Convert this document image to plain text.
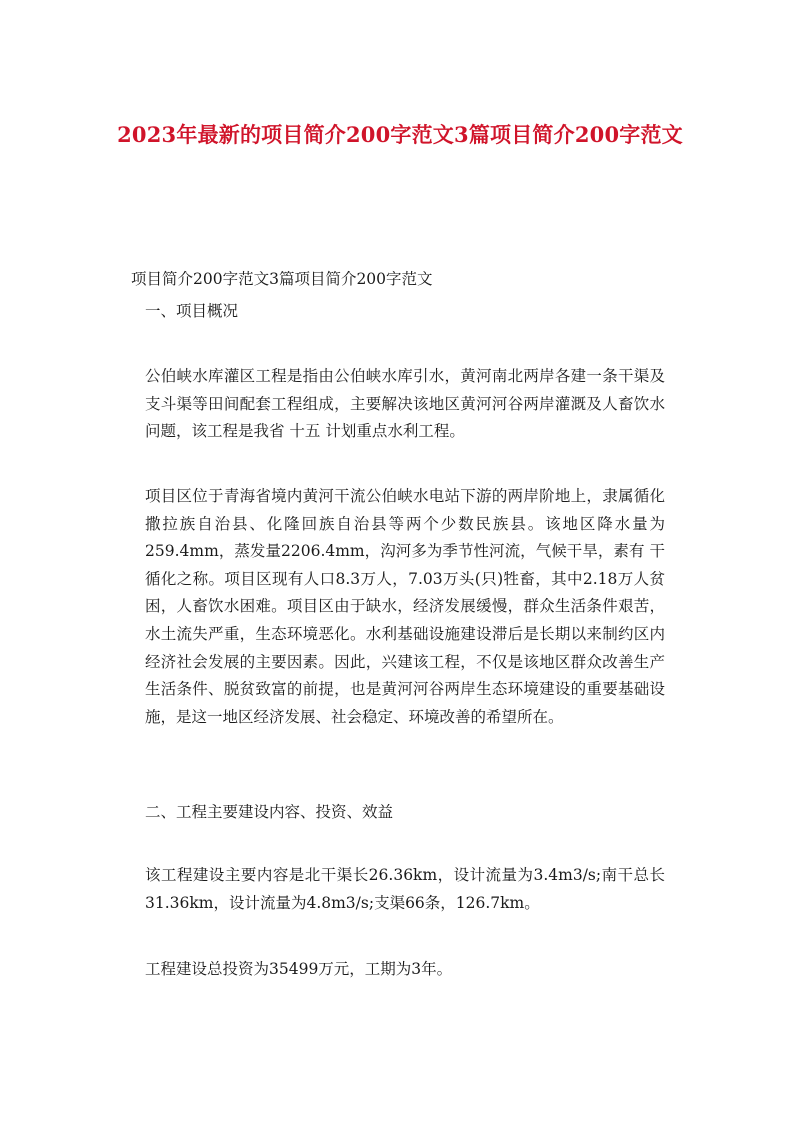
2023年最新的项目简介200字范文3篇项目简介200字范文

项目简介200字范文3篇项目简介200字范文

一、项目概况

公伯峡水库灌区工程是指由公伯峡水库引水，黄河南北两岸各建一条干渠及支斗渠等田间配套工程组成，主要解决该地区黄河河谷两岸灌溉及人畜饮水问题，该工程是我省 十五 计划重点水利工程。

项目区位于青海省境内黄河干流公伯峡水电站下游的两岸阶地上，隶属循化撒拉族自治县、化隆回族自治县等两个少数民族县。该地区降水量为259.4mm，蒸发量2206.4mm，沟河多为季节性河流，气候干旱，素有 干循化之称。项目区现有人口8.3万人，7.03万头(只)牲畜，其中2.18万人贫困，人畜饮水困难。项目区由于缺水，经济发展缓慢，群众生活条件艰苦，水土流失严重，生态环境恶化。水利基础设施建设滞后是长期以来制约区内经济社会发展的主要因素。因此，兴建该工程，不仅是该地区群众改善生产生活条件、脱贫致富的前提，也是黄河河谷两岸生态环境建设的重要基础设施，是这一地区经济发展、社会稳定、环境改善的希望所在。

二、工程主要建设内容、投资、效益

该工程建设主要内容是北干渠长26.36km，设计流量为3.4m3/s;南干总长31.36km，设计流量为4.8m3/s;支渠66条，126.7km。

工程建设总投资为35499万元，工期为3年。
